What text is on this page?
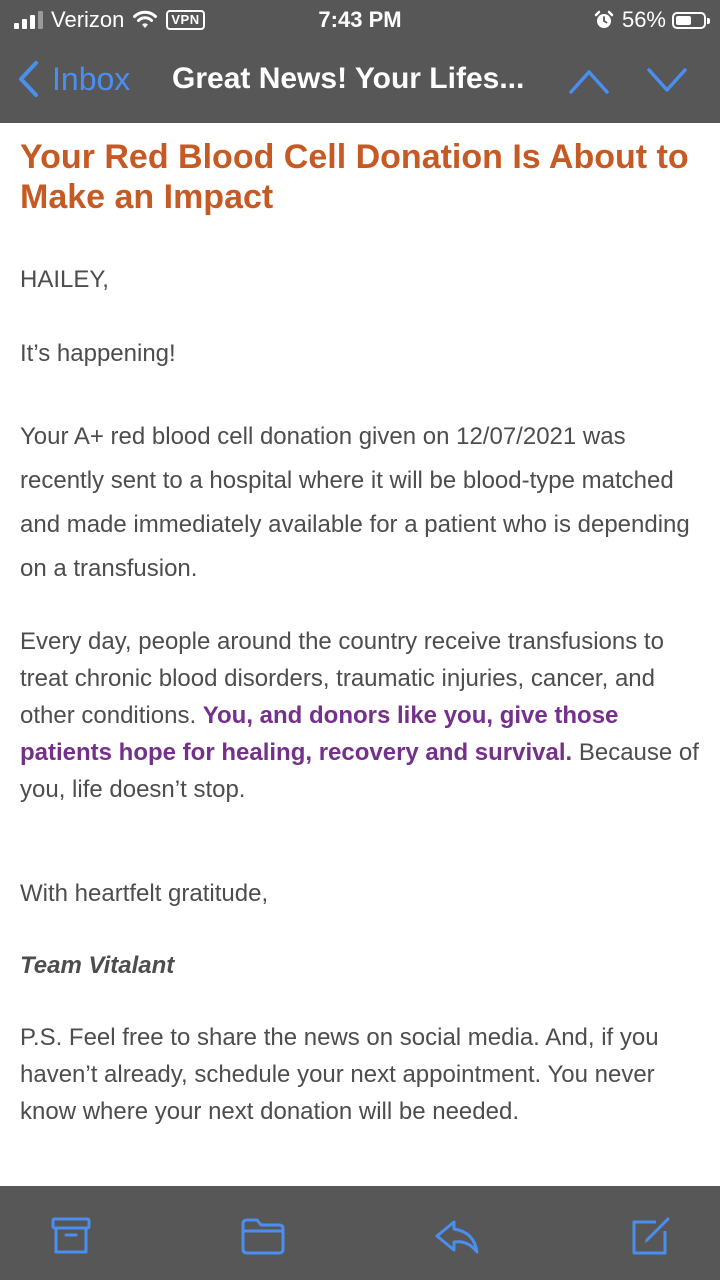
Verizon	VPN	7:43 PM	56%
Inbox Great News! Your Lifes...
Your Red Blood Cell Donation Is About to Make an Impact

HAILEY,

It’s happening!

Your A+ red blood cell donation given on 12/07/2021 was recently sent to a hospital where it will be blood-type matched and made immediately available for a patient who is depending on a transfusion.

Every day, people around the country receive transfusions to treat chronic blood disorders, traumatic injuries, cancer, and other conditions. You, and donors like you, give those patients hope for healing, recovery and survival. Because of you, life doesn’t stop.

With heartfelt gratitude,

Team Vitalant

P.S. Feel free to share the news on social media. And, if you haven’t already, schedule your next appointment. You never know where your next donation will be needed.
